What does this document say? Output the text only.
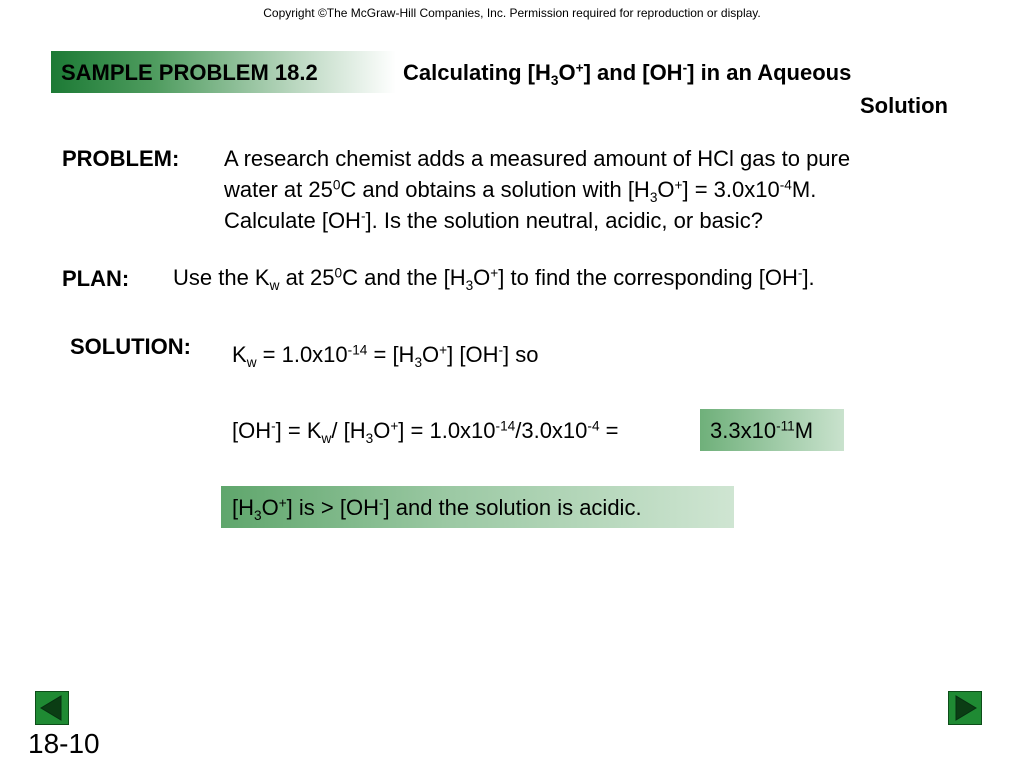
Copyright ©The McGraw-Hill Companies, Inc. Permission required for reproduction or display.
SAMPLE PROBLEM 18.2	Calculating $[H_3O^+]$ and [OH-] in an Aqueous
Solution
PROBLEM: A research chemist adds a measured amount of HCl gas to pure
water at $25^0C$ and obtains a solution with $[H_3O^+] = 3.0x10^{-4}M$.
Calculate [OH-]. Is the solution neutral, acidic, or basic?
PLAN: Use the $K_w$ at $25^0C$ and the $[H_3O^+]$ to find the corresponding [OH-].
SOLUTION: $K_w = 1.0x10^{-14} = [H_3O^+]$ [OH-] so
$[OH^-] = K_w/$ $[H_3O^+] = 1.0x10^{-14}/3.0x10^{-4}$ =	$3.3x10^{-11}M$
$[H_3O^+]$ is > [OH-] and the solution is acidic.
18-10
